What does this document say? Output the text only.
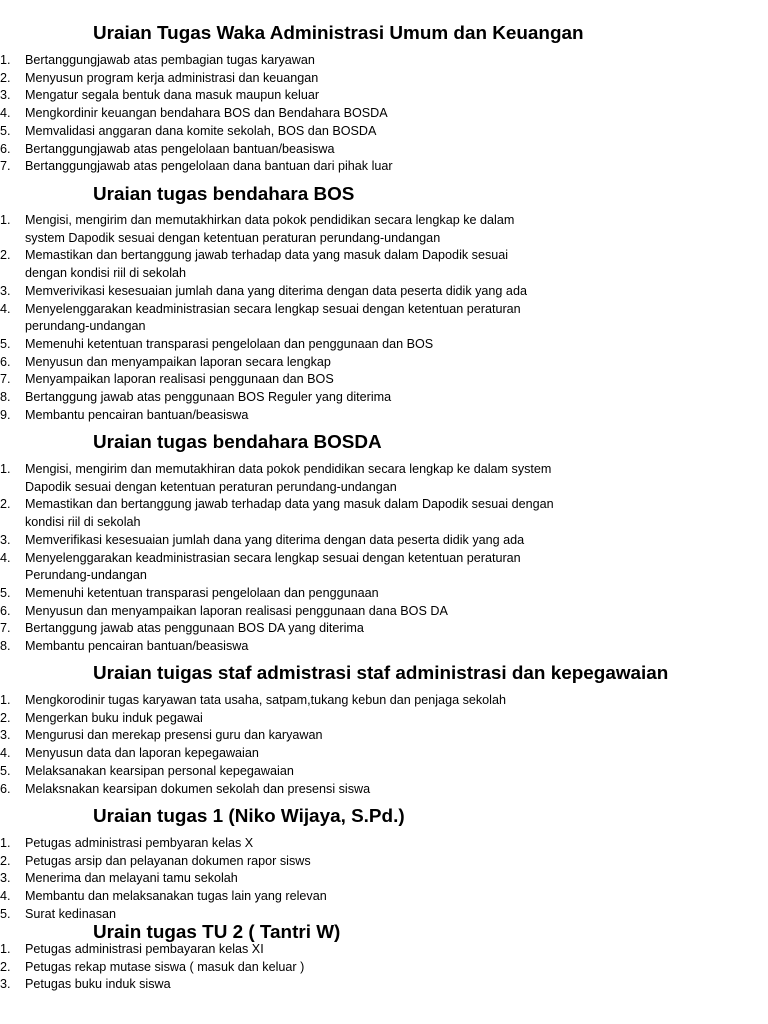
Uraian Tugas Waka Administrasi Umum dan Keuangan
1.	Bertanggungjawab atas pembagian tugas karyawan
2.	Menyusun program kerja administrasi dan keuangan
3.	Mengatur segala bentuk dana masuk maupun keluar
4.	Mengkordinir keuangan bendahara BOS dan Bendahara BOSDA
5.	Memvalidasi anggaran dana komite sekolah, BOS dan BOSDA
6.	Bertanggungjawab atas pengelolaan bantuan/beasiswa
7.	Bertanggungjawab atas pengelolaan dana bantuan dari pihak luar
Uraian tugas bendahara BOS
1.	Mengisi, mengirim dan memutakhirkan data pokok pendidikan secara lengkap ke dalam
system Dapodik sesuai dengan ketentuan peraturan perundang-undangan
2.	Memastikan dan bertanggung jawab terhadap data yang masuk dalam Dapodik sesuai
dengan kondisi riil di sekolah
3.	Memverivikasi kesesuaian jumlah dana yang diterima dengan data peserta didik yang ada
4.	Menyelenggarakan keadministrasian secara lengkap sesuai dengan ketentuan peraturan
perundang-undangan
5.	Memenuhi ketentuan transparasi pengelolaan dan penggunaan dan BOS
6.	Menyusun dan menyampaikan laporan secara lengkap
7.	Menyampaikan laporan realisasi penggunaan dan BOS
8.	Bertanggung jawab atas penggunaan BOS Reguler yang diterima
9.	Membantu pencairan bantuan/beasiswa
Uraian tugas bendahara BOSDA
1.	Mengisi, mengirim dan memutakhiran data pokok pendidikan secara lengkap ke dalam system
Dapodik sesuai dengan ketentuan peraturan perundang-undangan
2.	Memastikan dan bertanggung jawab terhadap data yang masuk dalam Dapodik sesuai dengan
kondisi riil di sekolah
3.	Memverifikasi kesesuaian jumlah dana yang diterima dengan data peserta didik yang ada
4.	Menyelenggarakan keadministrasian secara lengkap sesuai dengan ketentuan peraturan
Perundang-undangan
5.	Memenuhi ketentuan transparasi pengelolaan dan penggunaan
6.	Menyusun dan menyampaikan laporan realisasi penggunaan dana BOS DA
7.	Bertanggung jawab atas penggunaan BOS DA yang diterima
8.	Membantu pencairan bantuan/beasiswa
Uraian tuigas staf admistrasi staf administrasi dan kepegawaian
1.	Mengkorodinir tugas karyawan tata usaha, satpam,tukang kebun dan penjaga sekolah
2.	Mengerkan buku induk pegawai
3.	Mengurusi dan merekap presensi guru dan karyawan
4.	Menyusun data dan laporan kepegawaian
5.	Melaksanakan kearsipan personal kepegawaian
6.	Melaksnakan kearsipan dokumen sekolah dan presensi siswa
Uraian tugas 1 (Niko Wijaya, S.Pd.)
1.	Petugas administrasi pembyaran kelas X
2.	Petugas arsip dan pelayanan dokumen rapor sisws
3.	Menerima dan melayani tamu sekolah
4.	Membantu dan melaksanakan tugas lain yang relevan
5.	Surat kedinasan
Urain tugas TU 2 ( Tantri W)
1.	Petugas administrasi pembayaran kelas XI
2.	Petugas rekap mutase siswa ( masuk dan keluar )
3.	Petugas buku induk siswa
